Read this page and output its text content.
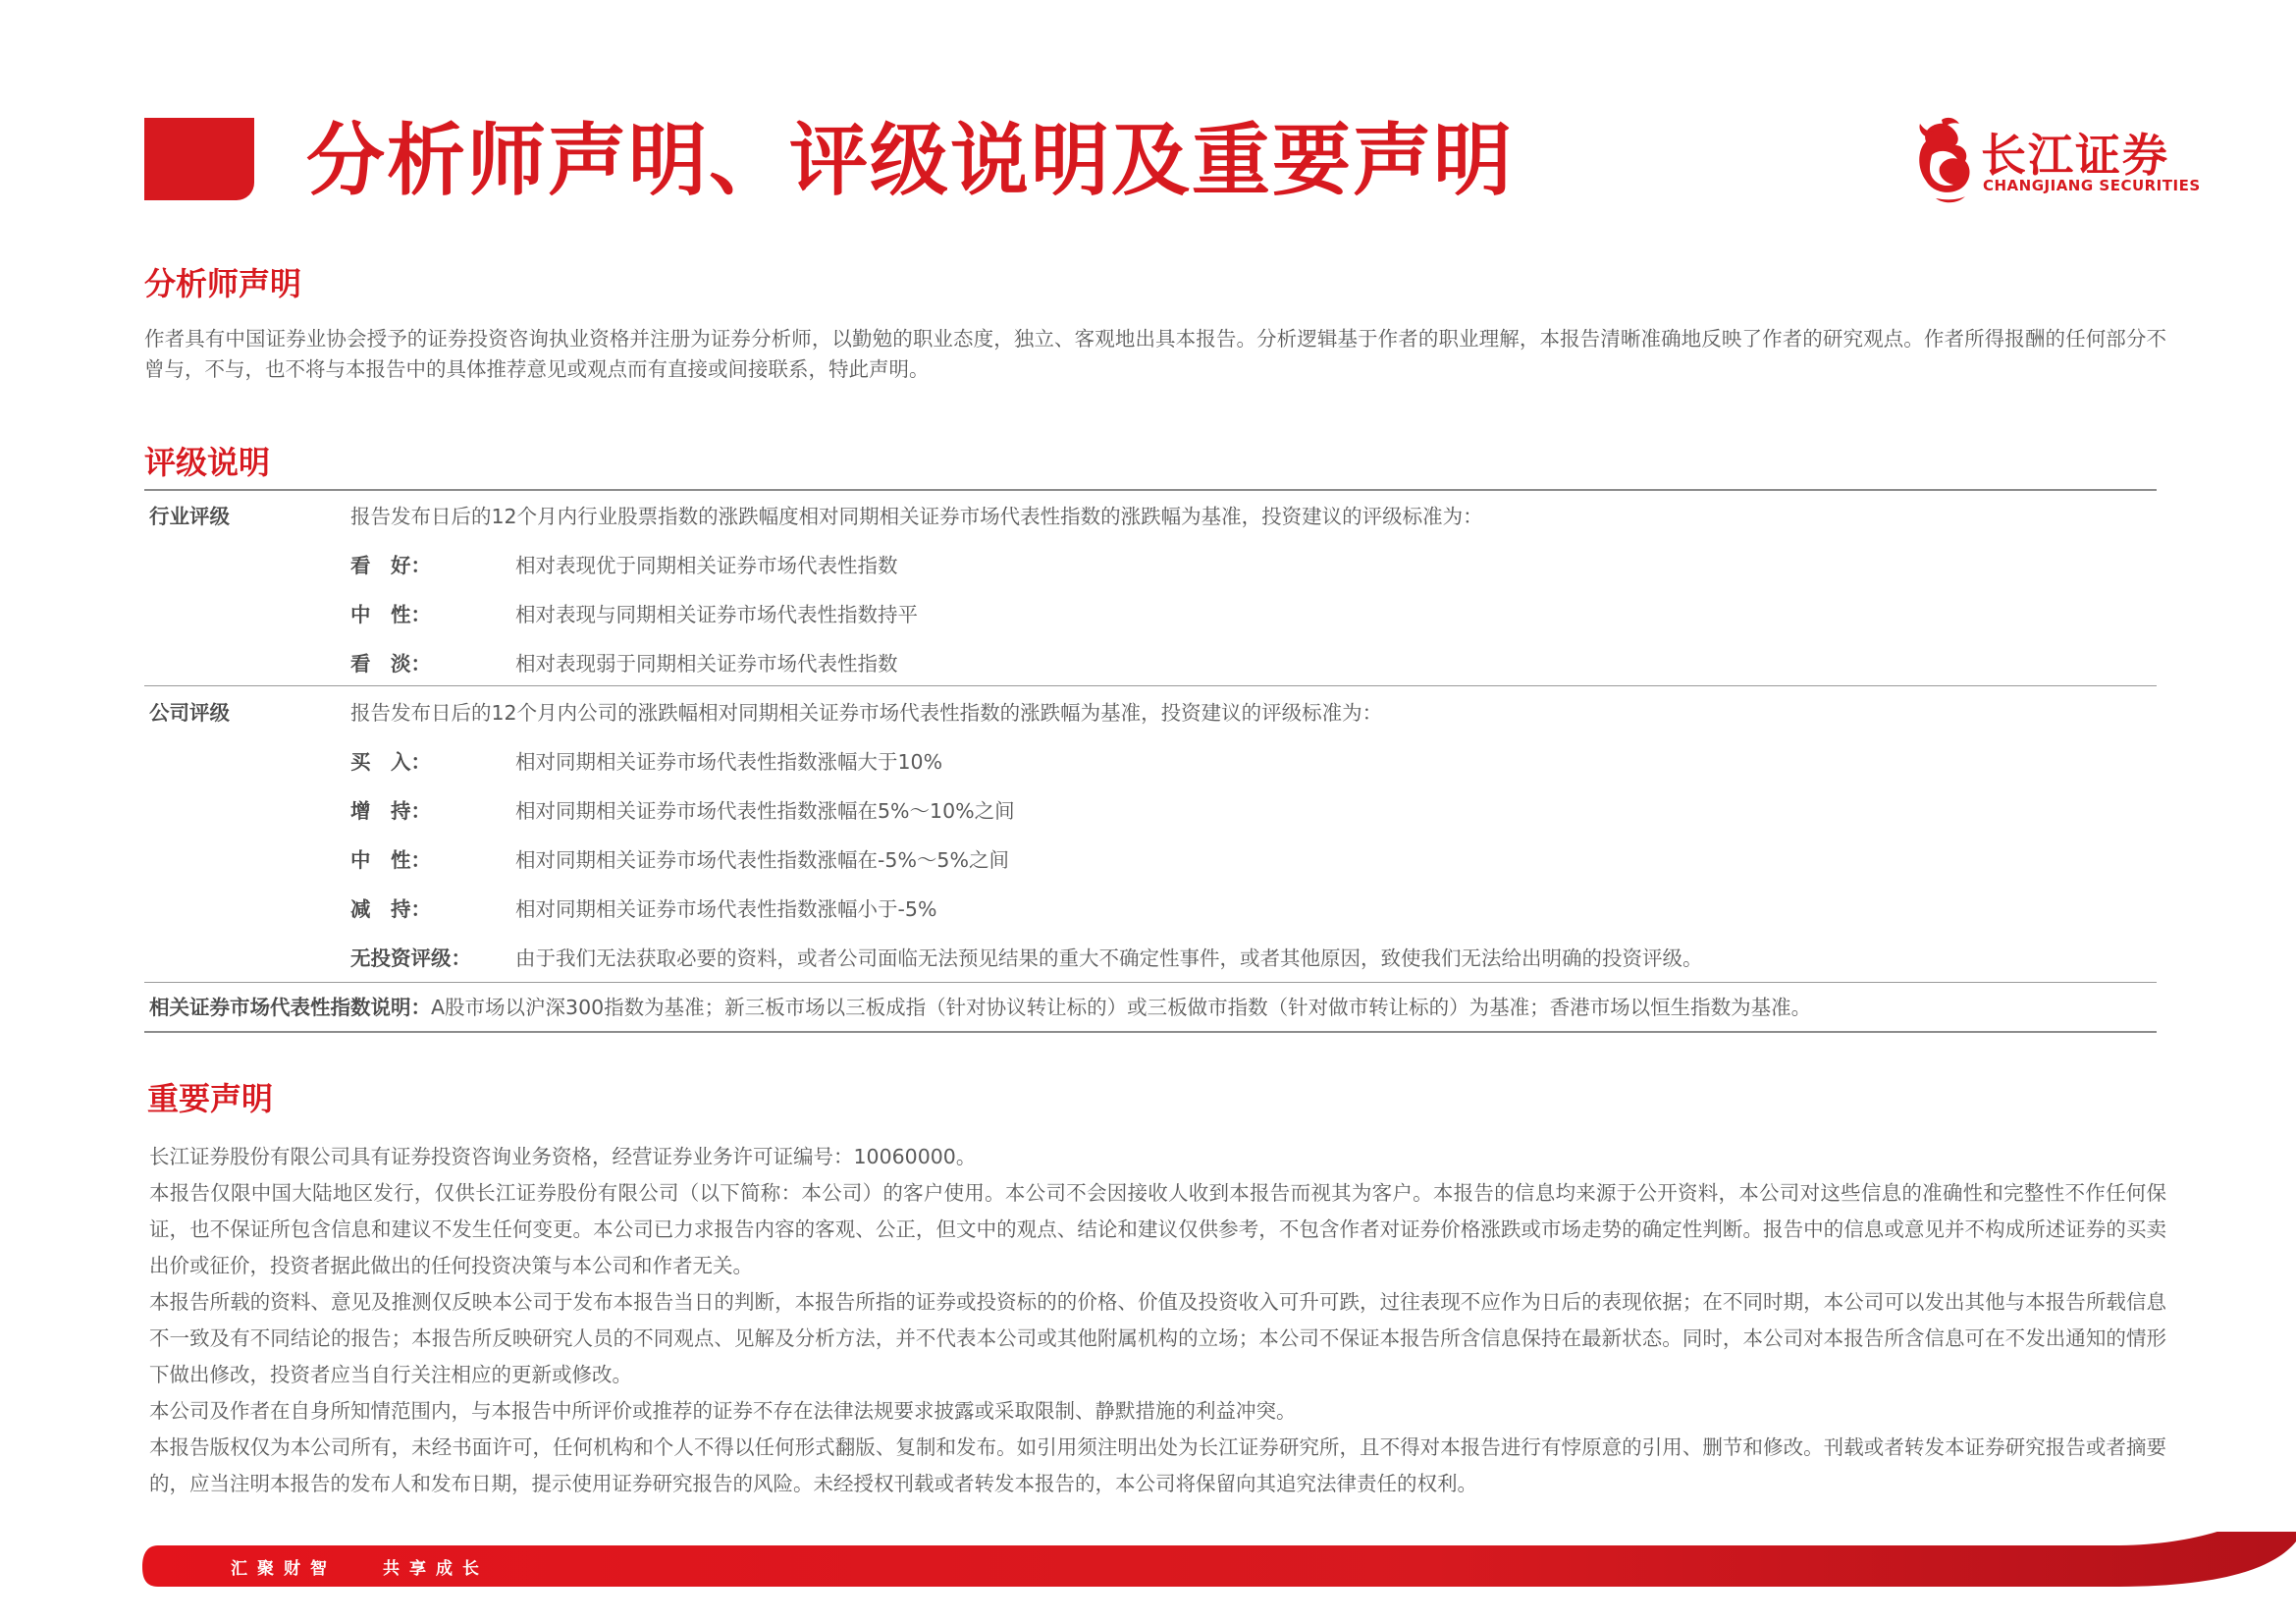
分析师声明、评级说明及重要声明	长江证券
CHANGJIANG SECURITIES
分析师声明
作者具有中国证券业协会授予的证券投资咨询执业资格并注册为证券分析师，以勤勉的职业态度，独立、客观地出具本报告。分析逻辑基于作者的职业理解，本报告清晰准确地反映了作者的研究观点。作者所得报酬的任何部分不曾与，不与，也不将与本报告中的具体推荐意见或观点而有直接或间接联系，特此声明。
评级说明
行业评级	报告发布日后的12个月内行业股票指数的涨跌幅度相对同期相关证券市场代表性指数的涨跌幅为基准，投资建议的评级标准为：
看　好：	相对表现优于同期相关证券市场代表性指数
中　性：	相对表现与同期相关证券市场代表性指数持平
看　淡：	相对表现弱于同期相关证券市场代表性指数
公司评级	报告发布日后的12个月内公司的涨跌幅相对同期相关证券市场代表性指数的涨跌幅为基准，投资建议的评级标准为：
买　入：	相对同期相关证券市场代表性指数涨幅大于10%
增　持：	相对同期相关证券市场代表性指数涨幅在5%～10%之间
中　性：	相对同期相关证券市场代表性指数涨幅在-5%～5%之间
减　持：	相对同期相关证券市场代表性指数涨幅小于-5%
无投资评级： 由于我们无法获取必要的资料，或者公司面临无法预见结果的重大不确定性事件，或者其他原因，致使我们无法给出明确的投资评级。
相关证券市场代表性指数说明：A股市场以沪深300指数为基准；新三板市场以三板成指（针对协议转让标的）或三板做市指数（针对做市转让标的）为基准；香港市场以恒生指数为基准。
重要声明

长江证券股份有限公司具有证券投资咨询业务资格，经营证券业务许可证编号：10060000。

本报告仅限中国大陆地区发行，仅供长江证券股份有限公司（以下简称：本公司）的客户使用。本公司不会因接收人收到本报告而视其为客户。本报告的信息均来源于公开资料，本公司对这些信息的准确性和完整性不作任何保证，也不保证所包含信息和建议不发生任何变更。本公司已力求报告内容的客观、公正，但文中的观点、结论和建议仅供参考，不包含作者对证券价格涨跌或市场走势的确定性判断。报告中的信息或意见并不构成所述证券的买卖出价或征价，投资者据此做出的任何投资决策与本公司和作者无关。

本报告所载的资料、意见及推测仅反映本公司于发布本报告当日的判断，本报告所指的证券或投资标的的价格、价值及投资收入可升可跌，过往表现不应作为日后的表现依据；在不同时期，本公司可以发出其他与本报告所载信息不一致及有不同结论的报告；本报告所反映研究人员的不同观点、见解及分析方法，并不代表本公司或其他附属机构的立场；本公司不保证本报告所含信息保持在最新状态。同时，本公司对本报告所含信息可在不发出通知的情形下做出修改，投资者应当自行关注相应的更新或修改。

本公司及作者在自身所知情范围内，与本报告中所评价或推荐的证券不存在法律法规要求披露或采取限制、静默措施的利益冲突。

本报告版权仅为本公司所有，未经书面许可，任何机构和个人不得以任何形式翻版、复制和发布。如引用须注明出处为长江证券研究所，且不得对本报告进行有悖原意的引用、删节和修改。刊载或者转发本证券研究报告或者摘要的，应当注明本报告的发布人和发布日期，提示使用证券研究报告的风险。未经授权刊载或者转发本报告的，本公司将保留向其追究法律责任的权利。

汇聚财智	共享成长
